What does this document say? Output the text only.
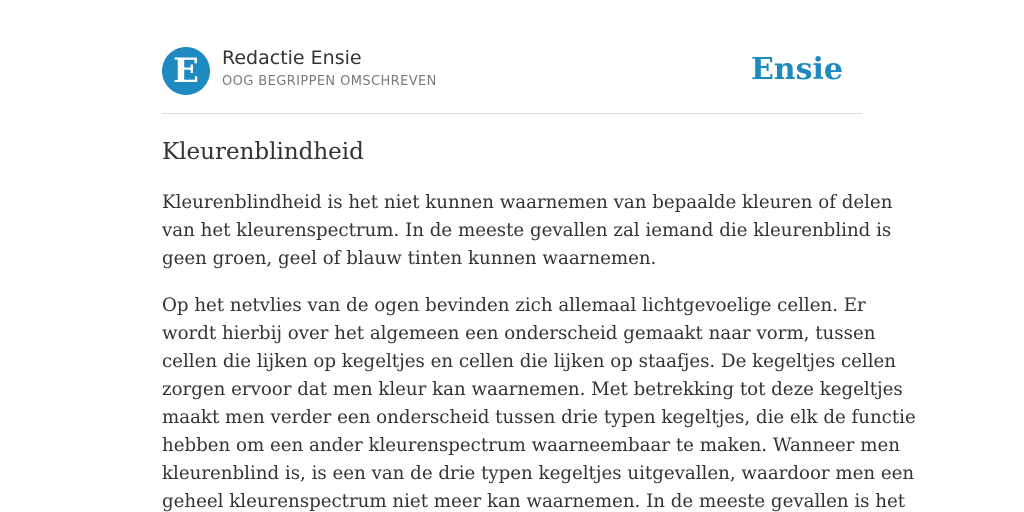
E	Redactie Ensie
OOG BEGRIPPEN OMSCHREVEN	Ensie
Kleurenblindheid

Kleurenblindheid is het niet kunnen waarnemen van bepaalde kleuren of delen
van het kleurenspectrum. In de meeste gevallen zal iemand die kleurenblind is
geen groen, geel of blauw tinten kunnen waarnemen.

Op het netvlies van de ogen bevinden zich allemaal lichtgevoelige cellen. Er
wordt hierbij over het algemeen een onderscheid gemaakt naar vorm, tussen
cellen die lijken op kegeltjes en cellen die lijken op staafjes. De kegeltjes cellen
zorgen ervoor dat men kleur kan waarnemen. Met betrekking tot deze kegeltjes
maakt men verder een onderscheid tussen drie typen kegeltjes, die elk de functie
hebben om een ander kleurenspectrum waarneembaar te maken. Wanneer men
kleurenblind is, is een van de drie typen kegeltjes uitgevallen, waardoor men een
geheel kleurenspectrum niet meer kan waarnemen. In de meeste gevallen is het
